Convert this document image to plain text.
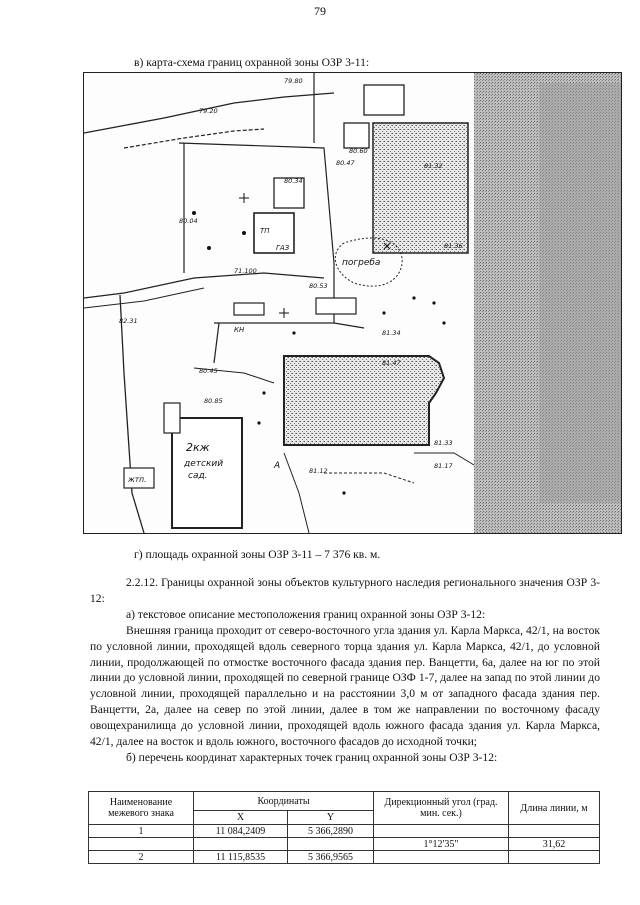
79
в) карта-схема границ охранной зоны ОЗР 3-11:
79.80
79.20
80.47
80.34
80.04
71.100
80.60
81.32
81.36
80.53
81.34
81.47
81.33
81.17
81.12
80.45
82.31
80.85
погреба
2кж
детский
сад.
ТП
жтп.
А
ГАЗ
КН
г) площадь охранной зоны ОЗР 3-11 – 7 376 кв. м.

2.2.12. Границы охранной зоны объектов культурного наследия регионального значения ОЗР 3-12:

а) текстовое описание местоположения границ охранной зоны ОЗР 3-12:

Внешняя граница проходит от северо-восточного угла здания ул. Карла Маркса, 42/1, на восток по условной линии, проходящей вдоль северного торца здания ул. Карла Маркса, 42/1, до условной линии, продолжающей по отмостке восточного фасада здания пер. Ванцетти, 6а, далее на юг по этой линии до условной линии, проходящей по северной границе ОЗФ 1-7, далее на запад по этой линии до условной линии, проходящей параллельно и на расстоянии 3,0 м от западного фасада здания пер. Ванцетти, 2а, далее на север по этой линии, далее в том же направлении по восточному фасаду овощехранилища до условной линии, проходящей вдоль южного фасада здания ул. Карла Маркса, 42/1, далее на восток и вдоль южного, восточного фасадов до исходной точки;

б) перечень координат характерных точек границ охранной зоны ОЗР 3-12:

Наименование межевого знака	Координаты		Дирекционный угол (град. мин. сек.)	Длина линии, м
	X	Y		
1	11 084,2409	5 366,2890		
			1°12'35"	31,62
2	11 115,8535	5 366,9565		
